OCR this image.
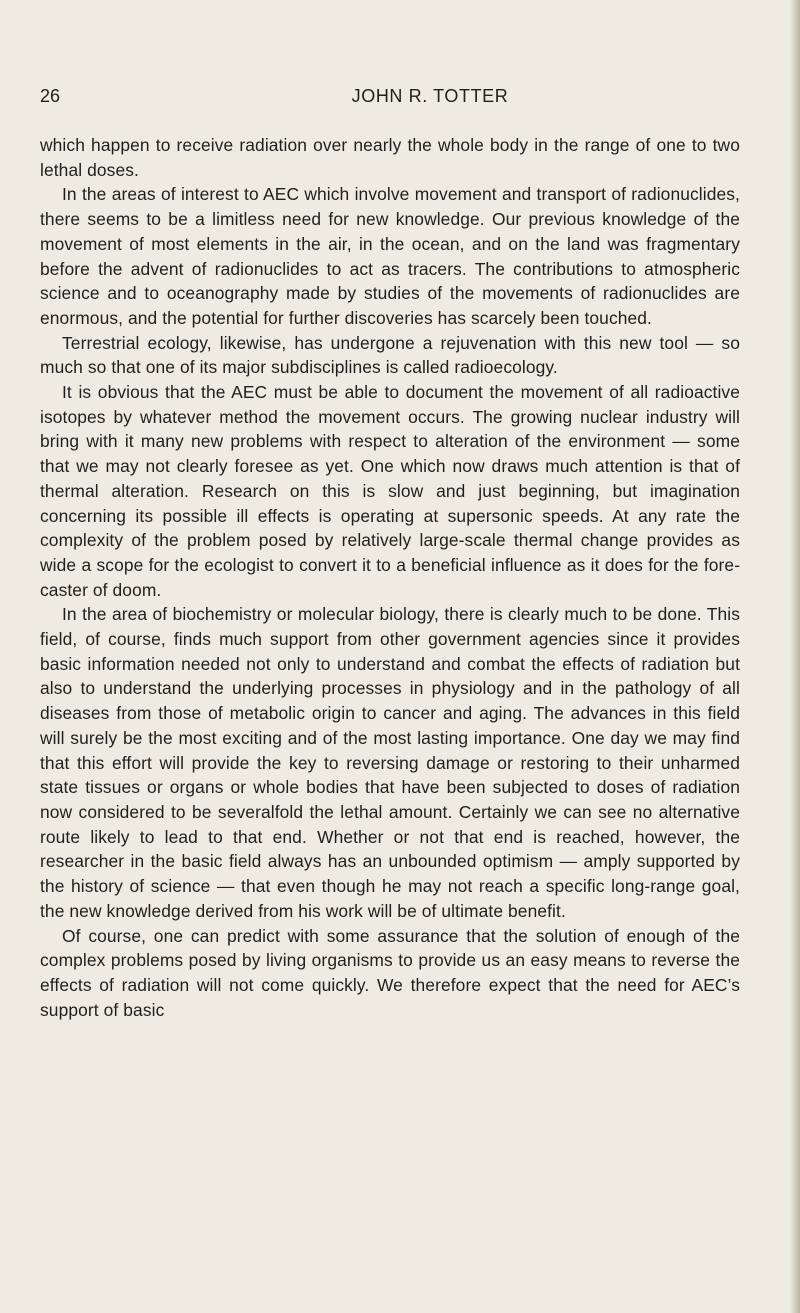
26	JOHN R. TOTTER

which happen to receive radiation over nearly the whole body in the range of one to two lethal doses.

In the areas of interest to AEC which involve movement and transport of radionuclides, there seems to be a limitless need for new knowledge. Our previous knowledge of the movement of most elements in the air, in the ocean, and on the land was fragmentary before the advent of radionuclides to act as tracers. The contributions to atmospheric science and to oceanography made by studies of the movements of radionuclides are enormous, and the potential for further discoveries has scarcely been touched.

Terrestrial ecology, likewise, has undergone a rejuvenation with this new tool — so much so that one of its major subdisciplines is called radioecology.

It is obvious that the AEC must be able to document the movement of all radioactive isotopes by whatever method the movement occurs. The growing nuclear industry will bring with it many new problems with respect to alteration of the environment — some that we may not clearly foresee as yet. One which now draws much attention is that of thermal alteration. Research on this is slow and just beginning, but imagination concerning its possible ill effects is operating at supersonic speeds. At any rate the complexity of the problem posed by relatively large-scale thermal change provides as wide a scope for the ecologist to convert it to a beneficial influence as it does for the forecaster of doom.

In the area of biochemistry or molecular biology, there is clearly much to be done. This field, of course, finds much support from other government agencies since it provides basic information needed not only to understand and combat the effects of radiation but also to understand the underlying processes in physiology and in the pathology of all diseases from those of metabolic origin to cancer and aging. The advances in this field will surely be the most exciting and of the most lasting importance. One day we may find that this effort will provide the key to reversing damage or restoring to their unharmed state tissues or organs or whole bodies that have been subjected to doses of radiation now considered to be severalfold the lethal amount. Certainly we can see no alternative route likely to lead to that end. Whether or not that end is reached, however, the researcher in the basic field always has an unbounded optimism — amply supported by the history of science — that even though he may not reach a specific long-range goal, the new knowledge derived from his work will be of ultimate benefit.

Of course, one can predict with some assurance that the solution of enough of the complex problems posed by living organisms to provide us an easy means to reverse the effects of radiation will not come quickly. We therefore expect that the need for AEC’s support of basic
